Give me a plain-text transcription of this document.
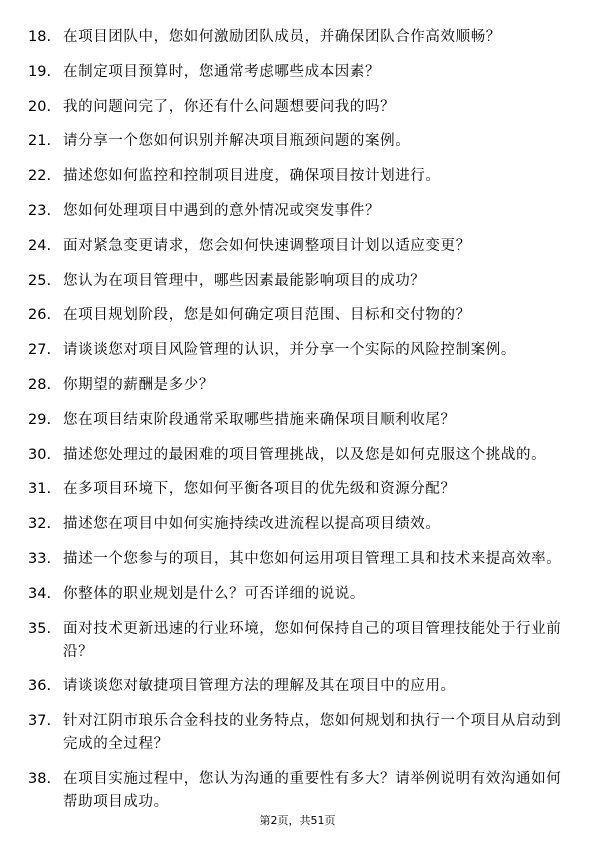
18. 在项目团队中，您如何激励团队成员，并确保团队合作高效顺畅？
19. 在制定项目预算时，您通常考虑哪些成本因素？
20. 我的问题问完了，你还有什么问题想要问我的吗？
21. 请分享一个您如何识别并解决项目瓶颈问题的案例。
22. 描述您如何监控和控制项目进度，确保项目按计划进行。
23. 您如何处理项目中遇到的意外情况或突发事件？
24. 面对紧急变更请求，您会如何快速调整项目计划以适应变更？
25. 您认为在项目管理中，哪些因素最能影响项目的成功？
26. 在项目规划阶段，您是如何确定项目范围、目标和交付物的？
27. 请谈谈您对项目风险管理的认识，并分享一个实际的风险控制案例。
28. 你期望的薪酬是多少？
29. 您在项目结束阶段通常采取哪些措施来确保项目顺利收尾？
30. 描述您处理过的最困难的项目管理挑战，以及您是如何克服这个挑战的。
31. 在多项目环境下，您如何平衡各项目的优先级和资源分配？
32. 描述您在项目中如何实施持续改进流程以提高项目绩效。
33. 描述一个您参与的项目，其中您如何运用项目管理工具和技术来提高效率。
34. 你整体的职业规划是什么？可否详细的说说。
35. 面对技术更新迅速的行业环境，您如何保持自己的项目管理技能处于行业前沿？
36. 请谈谈您对敏捷项目管理方法的理解及其在项目中的应用。
37. 针对江阴市琅乐合金科技的业务特点，您如何规划和执行一个项目从启动到完成的全过程？
38. 在项目实施过程中，您认为沟通的重要性有多大？请举例说明有效沟通如何帮助项目成功。
第2页，共51页
